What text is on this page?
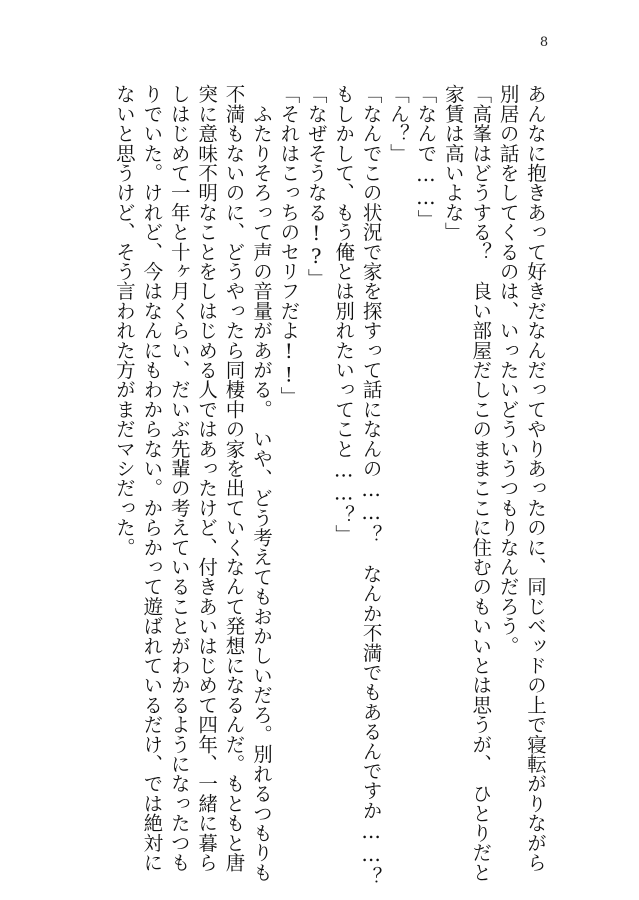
8

あんなに抱きあって好きだなんだってやりあったのに、同じベッドの上で寝転がりながら

別居の話をしてくるのは、いったいどういうつもりなんだろう。

「高峯はどうする？　良い部屋だしこのままここに住むのもいいとは思うが、　ひとりだと

家賃は高いよな」

「なんで……」

「ん？」

「なんでこの状況で家を探すって話になんの……？　なんか不満でもあるんですか……？

もしかして、もう俺とは別れたいってこと……？」

「なぜそうなる!?」

「それはこっちのセリフだよ!!」

　ふたりそろって声の音量があがる。　いや、どう考えてもおかしいだろ。別れるつもりも

不満もないのに、どうやったら同棲中の家を出ていくなんて発想になるんだ。もともと唐

突に意味不明なことをしはじめる人ではあったけど、付きあいはじめて四年、一緒に暮ら

しはじめて一年と十ヶ月くらい、だいぶ先輩の考えていることがわかるようになったつも

りでいた。けれど、今はなんにもわからない。からかって遊ばれているだけ、では絶対に

ないと思うけど、そう言われた方がまだマシだった。
